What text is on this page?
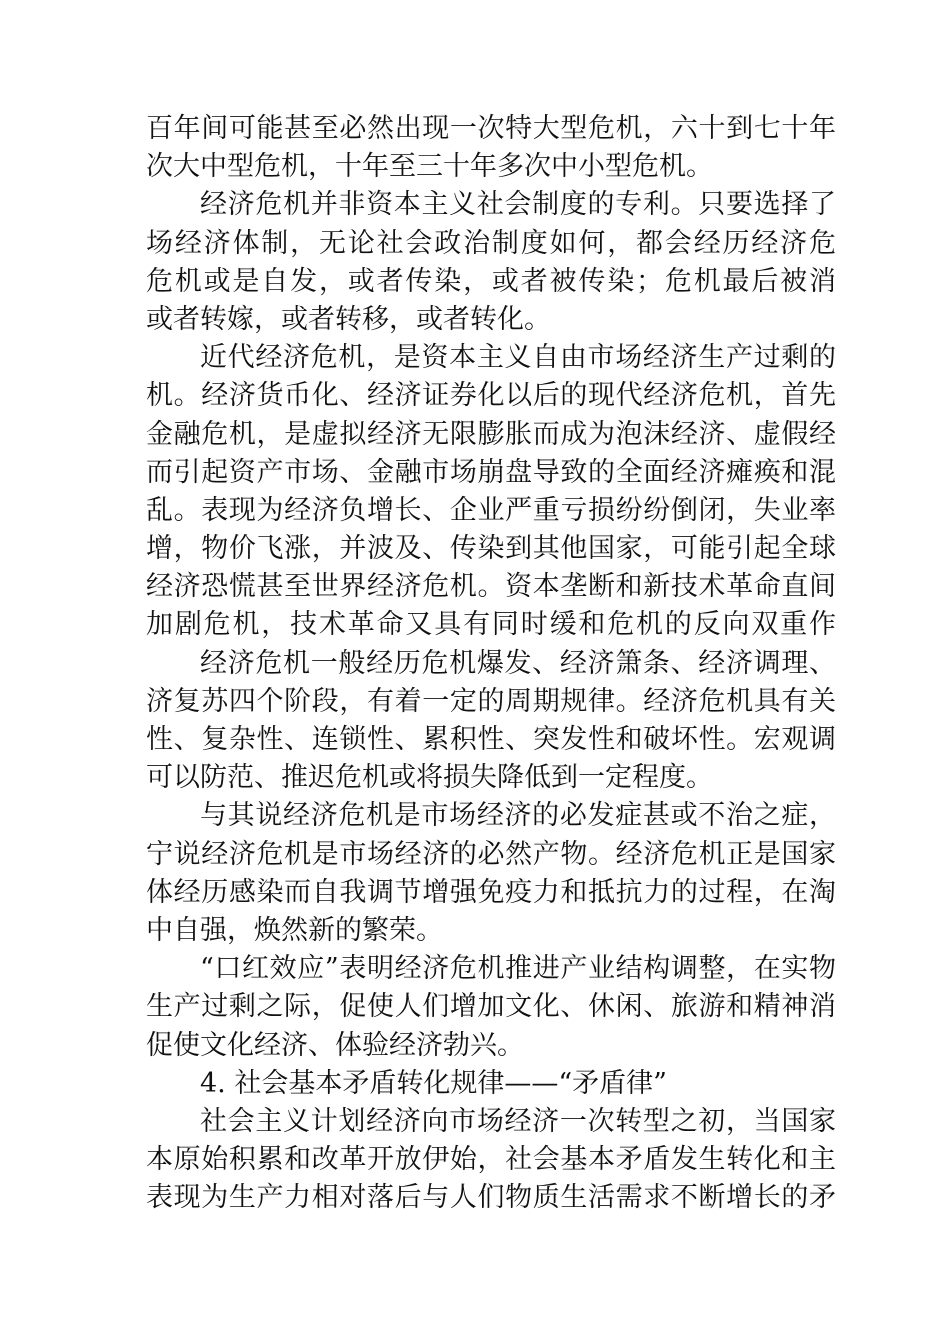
百年间可能甚至必然出现一次特大型危机，六十到七十年
次大中型危机，十年至三十年多次中小型危机。
经济危机并非资本主义社会制度的专利。只要选择了
场经济体制，无论社会政治制度如何，都会经历经济危
危机或是自发，或者传染，或者被传染；危机最后被消
或者转嫁，或者转移，或者转化。
近代经济危机，是资本主义自由市场经济生产过剩的
机。经济货币化、经济证券化以后的现代经济危机，首先
金融危机，是虚拟经济无限膨胀而成为泡沫经济、虚假经
而引起资产市场、金融市场崩盘导致的全面经济瘫痪和混
乱。表现为经济负增长、企业严重亏损纷纷倒闭，失业率
增，物价飞涨，并波及、传染到其他国家，可能引起全球
经济恐慌甚至世界经济危机。资本垄断和新技术革命直间
加剧危机，技术革命又具有同时缓和危机的反向双重作
经济危机一般经历危机爆发、经济箫条、经济调理、
济复苏四个阶段，有着一定的周期规律。经济危机具有关
性、复杂性、连锁性、累积性、突发性和破坏性。宏观调
可以防范、推迟危机或将损失降低到一定程度。
与其说经济危机是市场经济的必发症甚或不治之症，
宁说经济危机是市场经济的必然产物。经济危机正是国家
体经历感染而自我调节增强免疫力和抵抗力的过程，在淘
中自强，焕然新的繁荣。
“口红效应”表明经济危机推进产业结构调整，在实物
生产过剩之际，促使人们增加文化、休闲、旅游和精神消
促使文化经济、体验经济勃兴。
4. 社会基本矛盾转化规律——“矛盾律”
社会主义计划经济向市场经济一次转型之初，当国家
本原始积累和改革开放伊始，社会基本矛盾发生转化和主
表现为生产力相对落后与人们物质生活需求不断增长的矛
